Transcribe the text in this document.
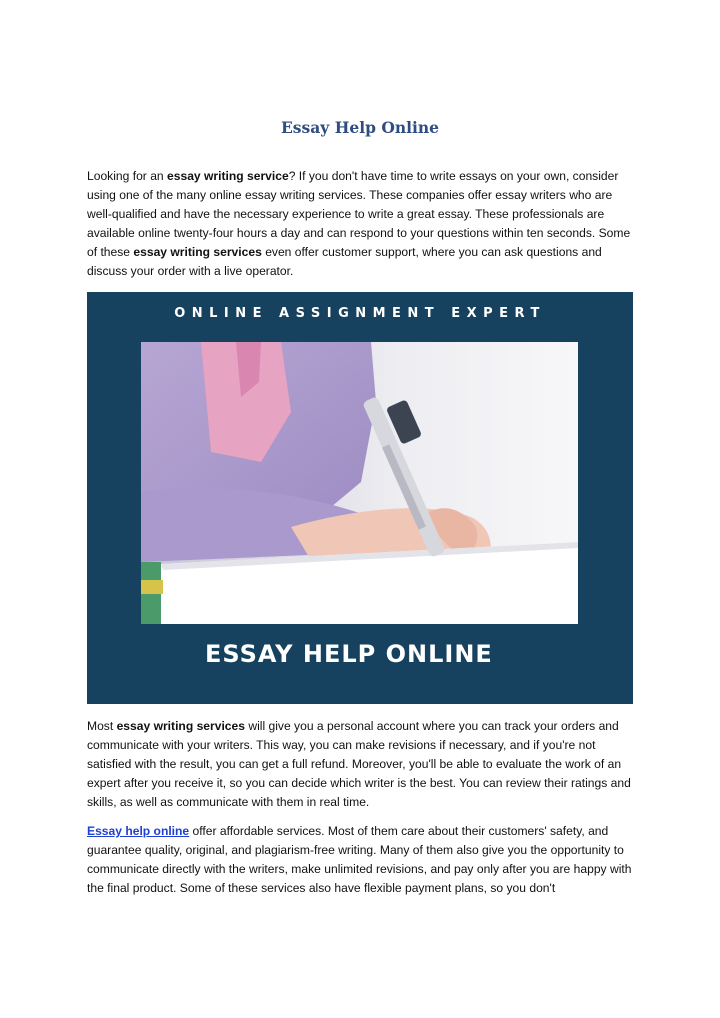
Essay Help Online
Looking for an essay writing service? If you don't have time to write essays on your own, consider using one of the many online essay writing services. These companies offer essay writers who are well-qualified and have the necessary experience to write a great essay. These professionals are available online twenty-four hours a day and can respond to your questions within ten seconds. Some of these essay writing services even offer customer support, where you can ask questions and discuss your order with a live operator.
ONLINE ASSIGNMENT EXPERT
ESSAY HELP ONLINE
Most essay writing services will give you a personal account where you can track your orders and communicate with your writers. This way, you can make revisions if necessary, and if you're not satisfied with the result, you can get a full refund. Moreover, you'll be able to evaluate the work of an expert after you receive it, so you can decide which writer is the best. You can review their ratings and skills, as well as communicate with them in real time.
Essay help online offer affordable services. Most of them care about their customers' safety, and guarantee quality, original, and plagiarism-free writing. Many of them also give you the opportunity to communicate directly with the writers, make unlimited revisions, and pay only after you are happy with the final product. Some of these services also have flexible payment plans, so you don't
